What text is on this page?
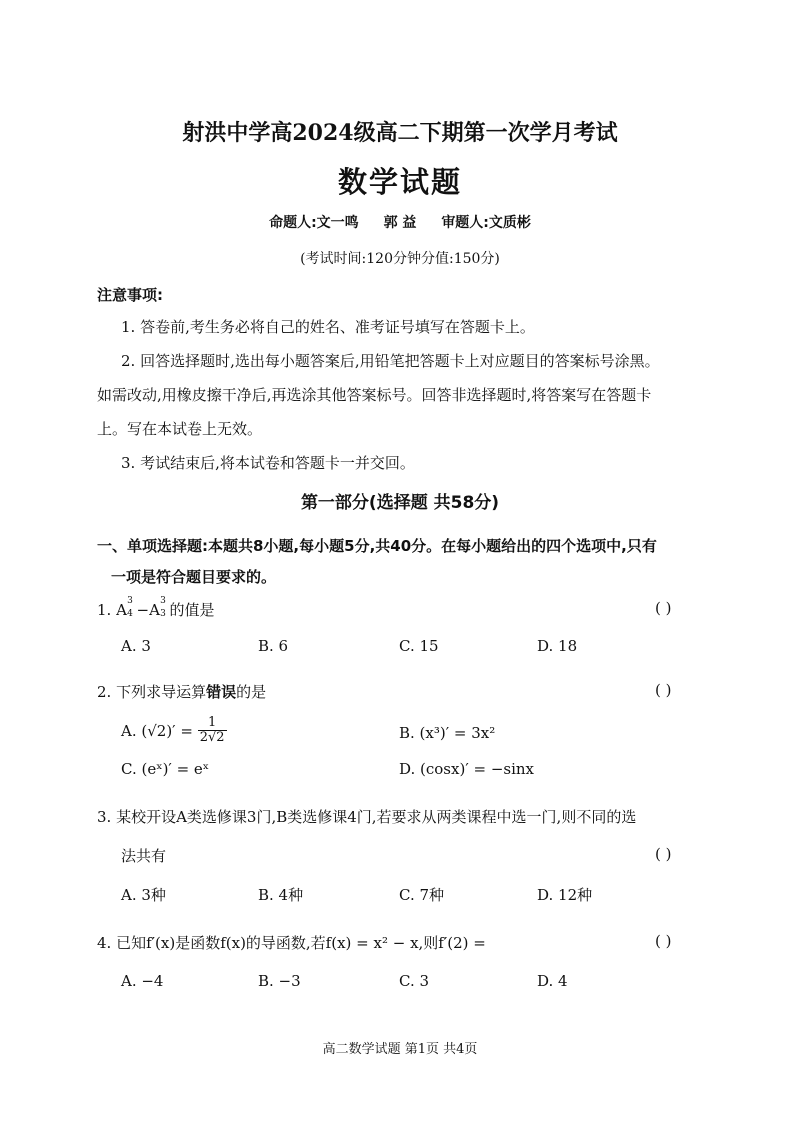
射洪中学高2024级高二下期第一次学月考试
数学试题
命题人:文一鸣 郭 益 审题人:文质彬
(考试时间:120分钟分值:150分)
注意事项:
1. 答卷前,考生务必将自己的姓名、准考证号填写在答题卡上。
2. 回答选择题时,选出每小题答案后,用铅笔把答题卡上对应题目的答案标号涂黑。
如需改动,用橡皮擦干净后,再选涂其他答案标号。回答非选择题时,将答案写在答题卡
上。写在本试卷上无效。
3. 考试结束后,将本试卷和答题卡一并交回。
第一部分(选择题 共58分)
一、单项选择题:本题共8小题,每小题5分,共40分。在每小题给出的四个选项中,只有
一项是符合题目要求的。
1. A 3
4 −A 3
3 的值是	( )
A. 3	B. 6	C. 15	D. 18
2. 下列求导运算错误的是	( )
A. $(√2)' = \frac{1}{2√2}$	B. (x³)′ = 3x²
C. (eˣ)′ = eˣ	D. (cosx)′ = −sinx
3. 某校开设A类选修课3门,B类选修课4门,若要求从两类课程中选一门,则不同的选
法共有	( )
A. 3种	B. 4种	C. 7种	D. 12种
4. 已知f′(x)是函数f(x)的导函数,若f(x) = x² − x,则f′(2) =	( )
A. −4	B. −3	C. 3	D. 4
高二数学试题 第1页 共4页
